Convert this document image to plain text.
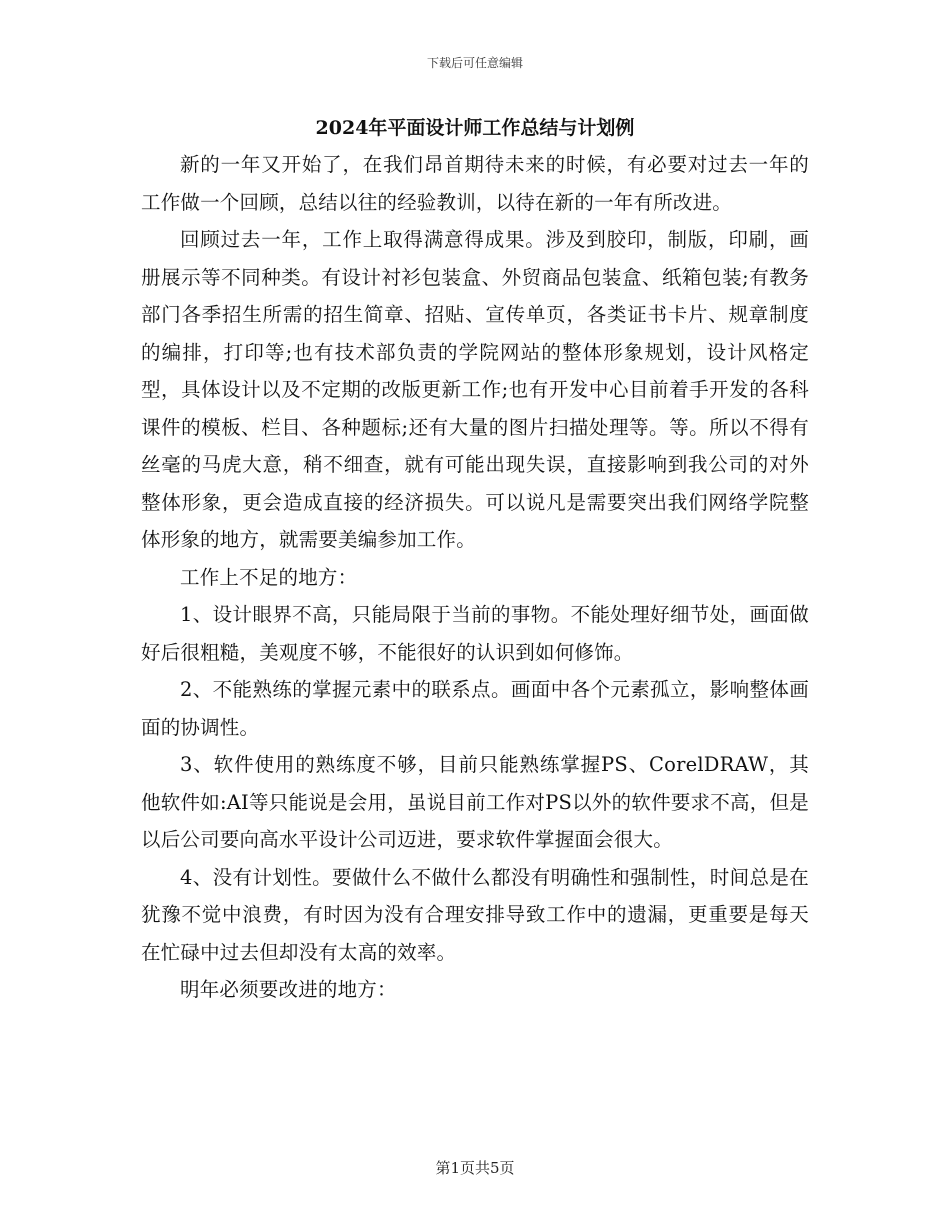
下载后可任意编辑
2024年平面设计师工作总结与计划例

新的一年又开始了，在我们昂首期待未来的时候，有必要对过去一年的工作做一个回顾，总结以往的经验教训，以待在新的一年有所改进。

回顾过去一年，工作上取得满意得成果。涉及到胶印，制版，印刷，画册展示等不同种类。有设计衬衫包装盒、外贸商品包装盒、纸箱包装;有教务部门各季招生所需的招生简章、招贴、宣传单页，各类证书卡片、规章制度的编排，打印等;也有技术部负责的学院网站的整体形象规划，设计风格定型，具体设计以及不定期的改版更新工作;也有开发中心目前着手开发的各科课件的模板、栏目、各种题标;还有大量的图片扫描处理等。等。所以不得有丝毫的马虎大意，稍不细查，就有可能出现失误，直接影响到我公司的对外整体形象，更会造成直接的经济损失。可以说凡是需要突出我们网络学院整体形象的地方，就需要美编参加工作。

工作上不足的地方：

1、设计眼界不高，只能局限于当前的事物。不能处理好细节处，画面做好后很粗糙，美观度不够，不能很好的认识到如何修饰。

2、不能熟练的掌握元素中的联系点。画面中各个元素孤立，影响整体画面的协调性。

3、软件使用的熟练度不够，目前只能熟练掌握PS、CorelDRAW，其他软件如:AI等只能说是会用，虽说目前工作对PS以外的软件要求不高，但是以后公司要向高水平设计公司迈进，要求软件掌握面会很大。

4、没有计划性。要做什么不做什么都没有明确性和强制性，时间总是在犹豫不觉中浪费，有时因为没有合理安排导致工作中的遗漏，更重要是每天在忙碌中过去但却没有太高的效率。

明年必须要改进的地方：

第1页共5页
